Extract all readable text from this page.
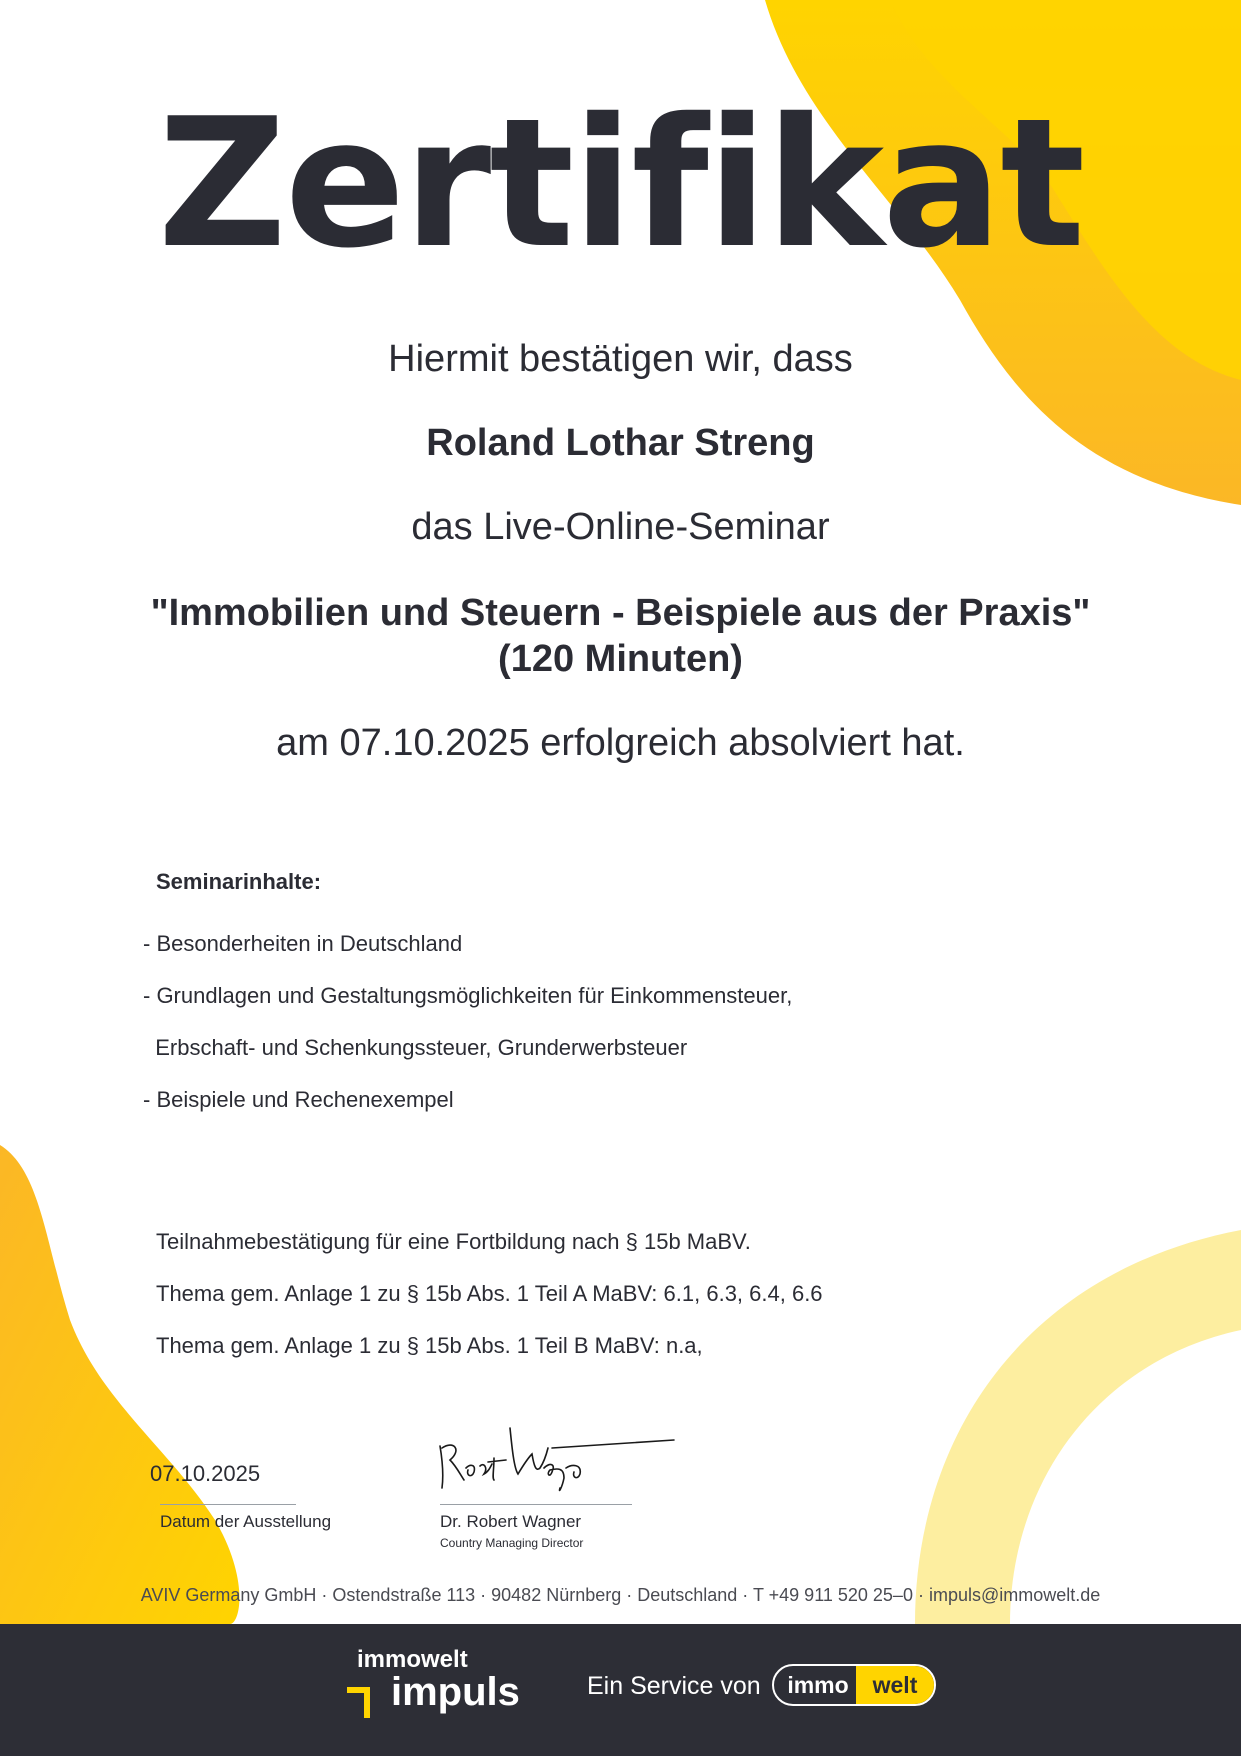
Zertifikat
Hiermit bestätigen wir, dass
Roland Lothar Streng
das Live-Online-Seminar
"Immobilien und Steuern - Beispiele aus der Praxis"
(120 Minuten)
am 07.10.2025 erfolgreich absolviert hat.
Seminarinhalte:
- Besonderheiten in Deutschland
- Grundlagen und Gestaltungsmöglichkeiten für Einkommensteuer,
Erbschaft- und Schenkungssteuer, Grunderwerbsteuer
- Beispiele und Rechenexempel
Teilnahmebestätigung für eine Fortbildung nach § 15b MaBV.
Thema gem. Anlage 1 zu § 15b Abs. 1 Teil A MaBV: 6.1, 6.3, 6.4, 6.6
Thema gem. Anlage 1 zu § 15b Abs. 1 Teil B MaBV: n.a,
07.10.2025
Datum der Ausstellung	Dr. Robert Wagner
Country Managing Director
AVIV Germany GmbH · Ostendstraße 113 · 90482 Nürnberg · Deutschland · T +49 911 520 25–0 · impuls@immowelt.de
immowelt
impuls	Ein Service von	immo	welt
